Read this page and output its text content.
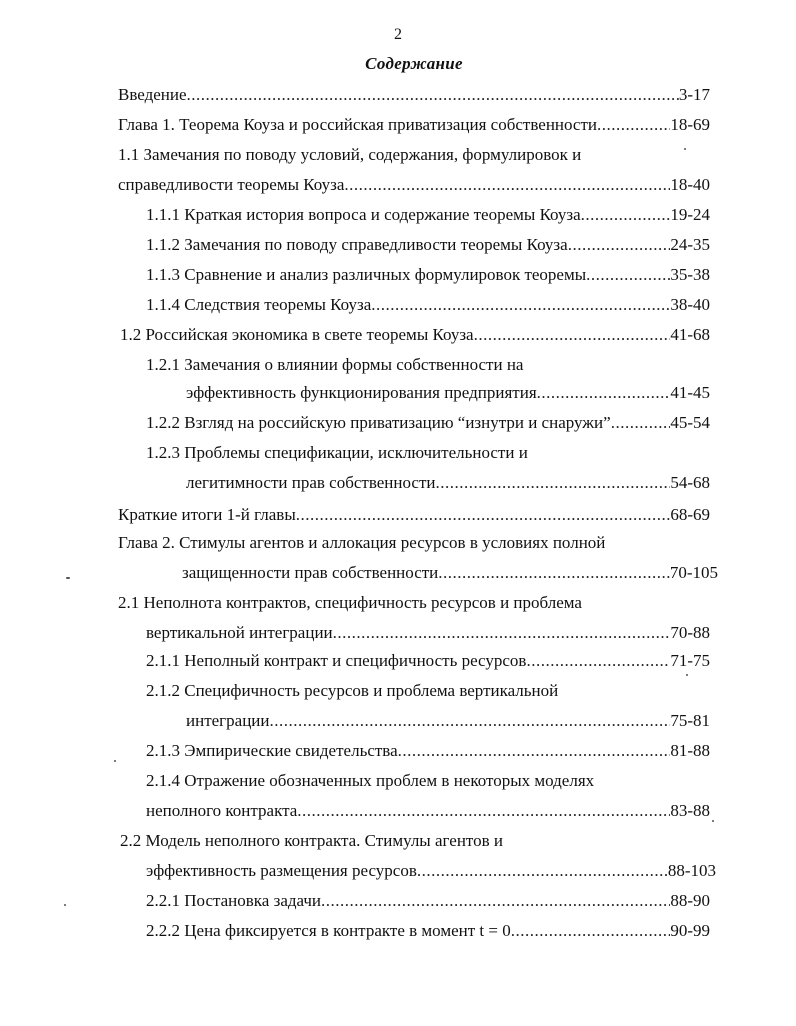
2
Содержание
Введение .....	3-17
Глава 1. Теорема Коуза и российская приватизация собственности .....	18-69
1.1 Замечания по поводу условий, содержания, формулировок и
справедливости теоремы Коуза .....	18-40
1.1.1 Краткая история вопроса и содержание теоремы Коуза .....	19-24
1.1.2 Замечания по поводу справедливости теоремы Коуза .....	24-35
1.1.3 Сравнение и анализ различных формулировок теоремы .....	35-38
1.1.4 Следствия теоремы Коуза .....	38-40
1.2 Российская экономика в свете теоремы Коуза .....	41-68
1.2.1 Замечания о влиянии формы собственности на
эффективность функционирования предприятия .....	41-45
1.2.2 Взгляд на российскую приватизацию “изнутри и снаружи” .....	45-54
1.2.3 Проблемы спецификации, исключительности и
легитимности прав собственности .....	54-68
Краткие итоги 1-й главы .....	68-69
Глава 2. Стимулы агентов и аллокация ресурсов в условиях полной
защищенности прав собственности .....	70-105
2.1 Неполнота контрактов, специфичность ресурсов и проблема
вертикальной интеграции .....	70-88
2.1.1 Неполный контракт и специфичность ресурсов .....	71-75
2.1.2 Специфичность ресурсов и проблема вертикальной
интеграции .....	75-81
2.1.3 Эмпирические свидетельства .....	81-88
2.1.4 Отражение обозначенных проблем в некоторых моделях
неполного контракта .....	83-88
2.2 Модель неполного контракта. Стимулы агентов и
эффективность размещения ресурсов .....	88-103
2.2.1 Постановка задачи .....	88-90
2.2.2 Цена фиксируется в контракте в момент t = 0 .....	90-99
